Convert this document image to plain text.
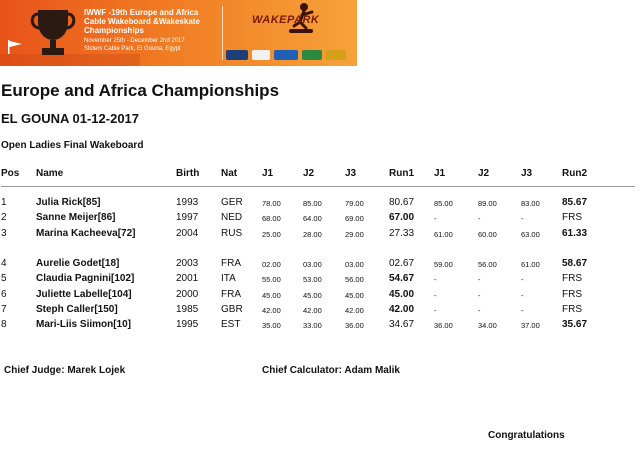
IWWF -19th Europe and Africa Cable Wakeboard &Wakeskate Championships
November 25th - December 2nd 2017
Sliders Cable Park, El Gouna, Egypt
WAKEPARK
Europe and Africa Championships
EL GOUNA 01-12-2017
Open Ladies Final Wakeboard
Pos Name	Birth Nat J1	J2	J3	Run1 J1	J2	J3	Run2
1	Julia Rick[85]	1993 GER	78.00	85.00	79.00	80.67	85.00	89.00	83.00 85.67
2	Sanne Meijer[86]	1997 NED	68.00	64.00	69.00	67.00	-	-	-	FRS
3	Marina Kacheeva[72]	2004 RUS	25.00	28.00	29.00	27.33	61.00	60.00	63.00 61.33
4	Aurelie Godet[18]	2003 FRA	02.00	03.00	03.00	02.67	59.00	56.00	61.00 58.67
5	Claudia Pagnini[102]	2001 ITA	55.00	53.00	56.00	54.67	-	-	-	FRS
6	Juliette Labelle[104]	2000 FRA	45.00	45.00	45.00	45.00	-	-	-	FRS
7	Steph Caller[150]	1985 GBR	42.00	42.00	42.00	42.00	-	-	-	FRS
8	Mari-Liis Siimon[10]	1995 EST	35.00	33.00	36.00	34.67	36.00	34.00	37.00 35.67
Chief Judge: Marek Lojek	Chief Calculator: Adam Malik
Congratulations
